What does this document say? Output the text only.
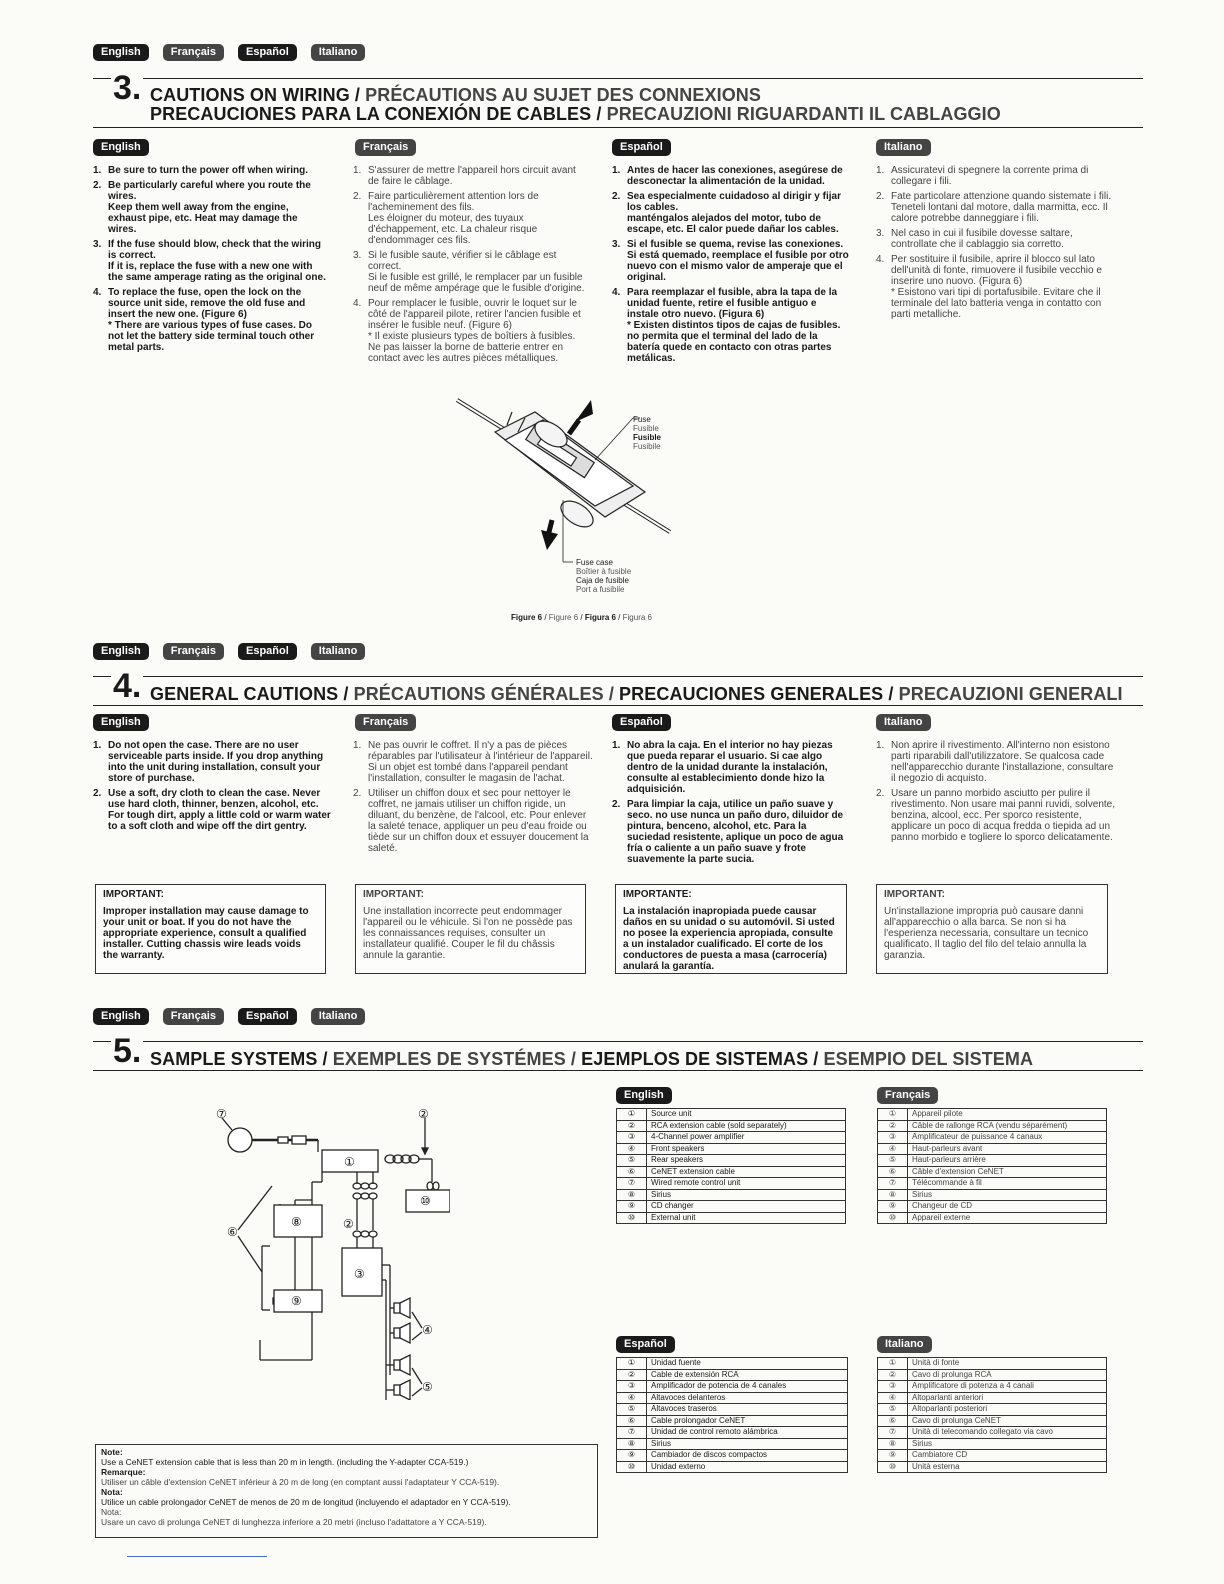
English	Français	Español	Italiano
3. CAUTIONS ON WIRING / PRÉCAUTIONS AU SUJET DES CONNEXIONS
PRECAUCIONES PARA LA CONEXIÓN DE CABLES / PRECAUZIONI RIGUARDANTI IL CABLAGGIO
English	Français	Español	Italiano
1. Be sure to turn the power off when wiring.
2. Be particularly careful where you route the wires.
Keep them well away from the engine, exhaust pipe, etc. Heat may damage the wires.
3. If the fuse should blow, check that the wiring is correct.
If it is, replace the fuse with a new one with the same amperage rating as the original one.
4. To replace the fuse, open the lock on the source unit side, remove the old fuse and insert the new one. (Figure 6)
* There are various types of fuse cases. Do not let the battery side terminal touch other metal parts.
1. S'assurer de mettre l'appareil hors circuit avant de faire le câblage.
2. Faire particulièrement attention lors de l'acheminement des fils.
Les éloigner du moteur, des tuyaux d'échappement, etc. La chaleur risque d'endommager ces fils.
3. Si le fusible saute, vérifier si le câblage est correct.
Si le fusible est grillé, le remplacer par un fusible neuf de même ampérage que le fusible d'origine.
4. Pour remplacer le fusible, ouvrir le loquet sur le côté de l'appareil pilote, retirer l'ancien fusible et insérer le fusible neuf. (Figure 6)
* Il existe plusieurs types de boîtiers à fusibles. Ne pas laisser la borne de batterie entrer en contact avec les autres pièces métalliques.
1. Antes de hacer las conexiones, asegúrese de desconectar la alimentación de la unidad.
2. Sea especialmente cuidadoso al dirigir y fijar los cables.
manténgalos alejados del motor, tubo de escape, etc. El calor puede dañar los cables.
3. Si el fusible se quema, revise las conexiones. Si está quemado, reemplace el fusible por otro nuevo con el mismo valor de amperaje que el original.
4. Para reemplazar el fusible, abra la tapa de la unidad fuente, retire el fusible antiguo e instale otro nuevo. (Figura 6)
* Existen distintos tipos de cajas de fusibles. no permita que el terminal del lado de la batería quede en contacto con otras partes metálicas.
1. Assicuratevi di spegnere la corrente prima di collegare i fili.
2. Fate particolare attenzione quando sistemate i fili.
Teneteli lontani dal motore, dalla marmitta, ecc. Il calore potrebbe danneggiare i fili.
3. Nel caso in cui il fusibile dovesse saltare, controllate che il cablaggio sia corretto.
4. Per sostituire il fusibile, aprire il blocco sul lato dell'unità di fonte, rimuovere il fusibile vecchio e inserire uno nuovo. (Figura 6)
* Esistono vari tipi di portafusibile. Evitare che il terminale del lato batteria venga in contatto con parti metalliche.
Fuse
Fusible
Fusible
Fusibile
Fuse case
Boîtier à fusible
Caja de fusible
Port a fusibile
Figure 6 / Figure 6 / Figura 6 / Figura 6
English	Français	Español	Italiano
4. GENERAL CAUTIONS / PRÉCAUTIONS GÉNÉRALES / PRECAUCIONES GENERALES / PRECAUZIONI GENERALI
English	Français	Español	Italiano
1. Do not open the case. There are no user serviceable parts inside. If you drop anything into the unit during installation, consult your store of purchase.
2. Use a soft, dry cloth to clean the case. Never use hard cloth, thinner, benzen, alcohol, etc. For tough dirt, apply a little cold or warm water to a soft cloth and wipe off the dirt gentry.
1. Ne pas ouvrir le coffret. Il n'y a pas de pièces réparables par l'utilisateur à l'intérieur de l'appareil. Si un objet est tombé dans l'appareil pendant l'installation, consulter le magasin de l'achat.
2. Utiliser un chiffon doux et sec pour nettoyer le coffret, ne jamais utiliser un chiffon rigide, un diluant, du benzène, de l'alcool, etc. Pour enlever la saleté tenace, appliquer un peu d'eau froide ou tiède sur un chiffon doux et essuyer doucement la saleté.
1. No abra la caja. En el interior no hay piezas que pueda reparar el usuario. Si cae algo dentro de la unidad durante la instalación, consulte al establecimiento donde hizo la adquisición.
2. Para limpiar la caja, utilice un paño suave y seco. no use nunca un paño duro, diluidor de pintura, benceno, alcohol, etc. Para la suciedad resistente, aplique un poco de agua fría o caliente a un paño suave y frote suavemente la parte sucia.
1. Non aprire il rivestimento. All'interno non esistono parti riparabili dall'utilizzatore. Se qualcosa cade nell'apparecchio durante l'installazione, consultare il negozio di acquisto.
2. Usare un panno morbido asciutto per pulire il rivestimento. Non usare mai panni ruvidi, solvente, benzina, alcool, ecc. Per sporco resistente, applicare un poco di acqua fredda o tiepida ad un panno morbido e togliere lo sporco delicatamente.
IMPORTANT:
Improper installation may cause damage to your unit or boat. If you do not have the appropriate experience, consult a qualified installer. Cutting chassis wire leads voids the warranty.
IMPORTANT:
Une installation incorrecte peut endommager l'appareil ou le véhicule. Si l'on ne possède pas les connaissances requises, consulter un installateur qualifié. Couper le fil du châssis annule la garantie.
IMPORTANTE:
La instalación inapropiada puede causar daños en su unidad o su automóvil. Si usted no posee la experiencia apropiada, consulte a un instalador cualificado. El corte de los conductores de puesta a masa (carrocería) anulará la garantía.
IMPORTANT:
Un'installazione impropria può causare danni all'apparecchio o alla barca. Se non si ha l'esperienza necessaria, consultare un tecnico qualificato. Il taglio del filo del telaio annulla la garanzia.
English	Français	Español	Italiano
5. SAMPLE SYSTEMS / EXEMPLES DE SYSTÉMES / EJEMPLOS DE SISTEMAS / ESEMPIO DEL SISTEMA
⑦	②
①
⑩
②
⑥
⑧
③
⑨
④
⑤
English
①	Source unit
②	RCA extension cable (sold separately)
③	4-Channel power amplifier
④	Front speakers
⑤	Rear speakers
⑥	CeNET extension cable
⑦	Wired remote control unit
⑧	Sirius
⑨	CD changer
⑩	External unit
Français
①	Appareil pilote
②	Câble de rallonge RCA (vendu séparément)
③	Amplificateur de puissance 4 canaux
④	Haut-parleurs avant
⑤	Haut-parleurs arrière
⑥	Câble d'extension CeNET
⑦	Télécommande à fil
⑧	Sirius
⑨	Changeur de CD
⑩	Appareil externe
Español
①	Unidad fuente
②	Cable de extensión RCA
③	Amplificador de potencia de 4 canales
④	Altavoces delanteros
⑤	Altavoces traseros
⑥	Cable prolongador CeNET
⑦	Unidad de control remoto alámbrica
⑧	Sirius
⑨	Cambiador de discos compactos
⑩	Unidad externo
Italiano
①	Unità di fonte
②	Cavo di prolunga RCA
③	Amplificatore di potenza a 4 canali
④	Altoparlanti anteriori
⑤	Altoparlanti posteriori
⑥	Cavo di prolunga CeNET
⑦	Unità di telecomando collegato via cavo
⑧	Sirius
⑨	Cambiatore CD
⑩	Unità esterna
Note:
Use a CeNET extension cable that is less than 20 m in length. (including the Y-adapter CCA-519.)
Remarque:
Utiliser un câble d'extension CeNET inférieur à 20 m de long (en comptant aussi l'adaptateur Y CCA-519).
Nota:
Utilice un cable prolongador CeNET de menos de 20 m de longitud (incluyendo el adaptador en Y CCA-519).
Nota:
Usare un cavo di prolunga CeNET di lunghezza inferiore a 20 metri (incluso l'adattatore a Y CCA-519).
